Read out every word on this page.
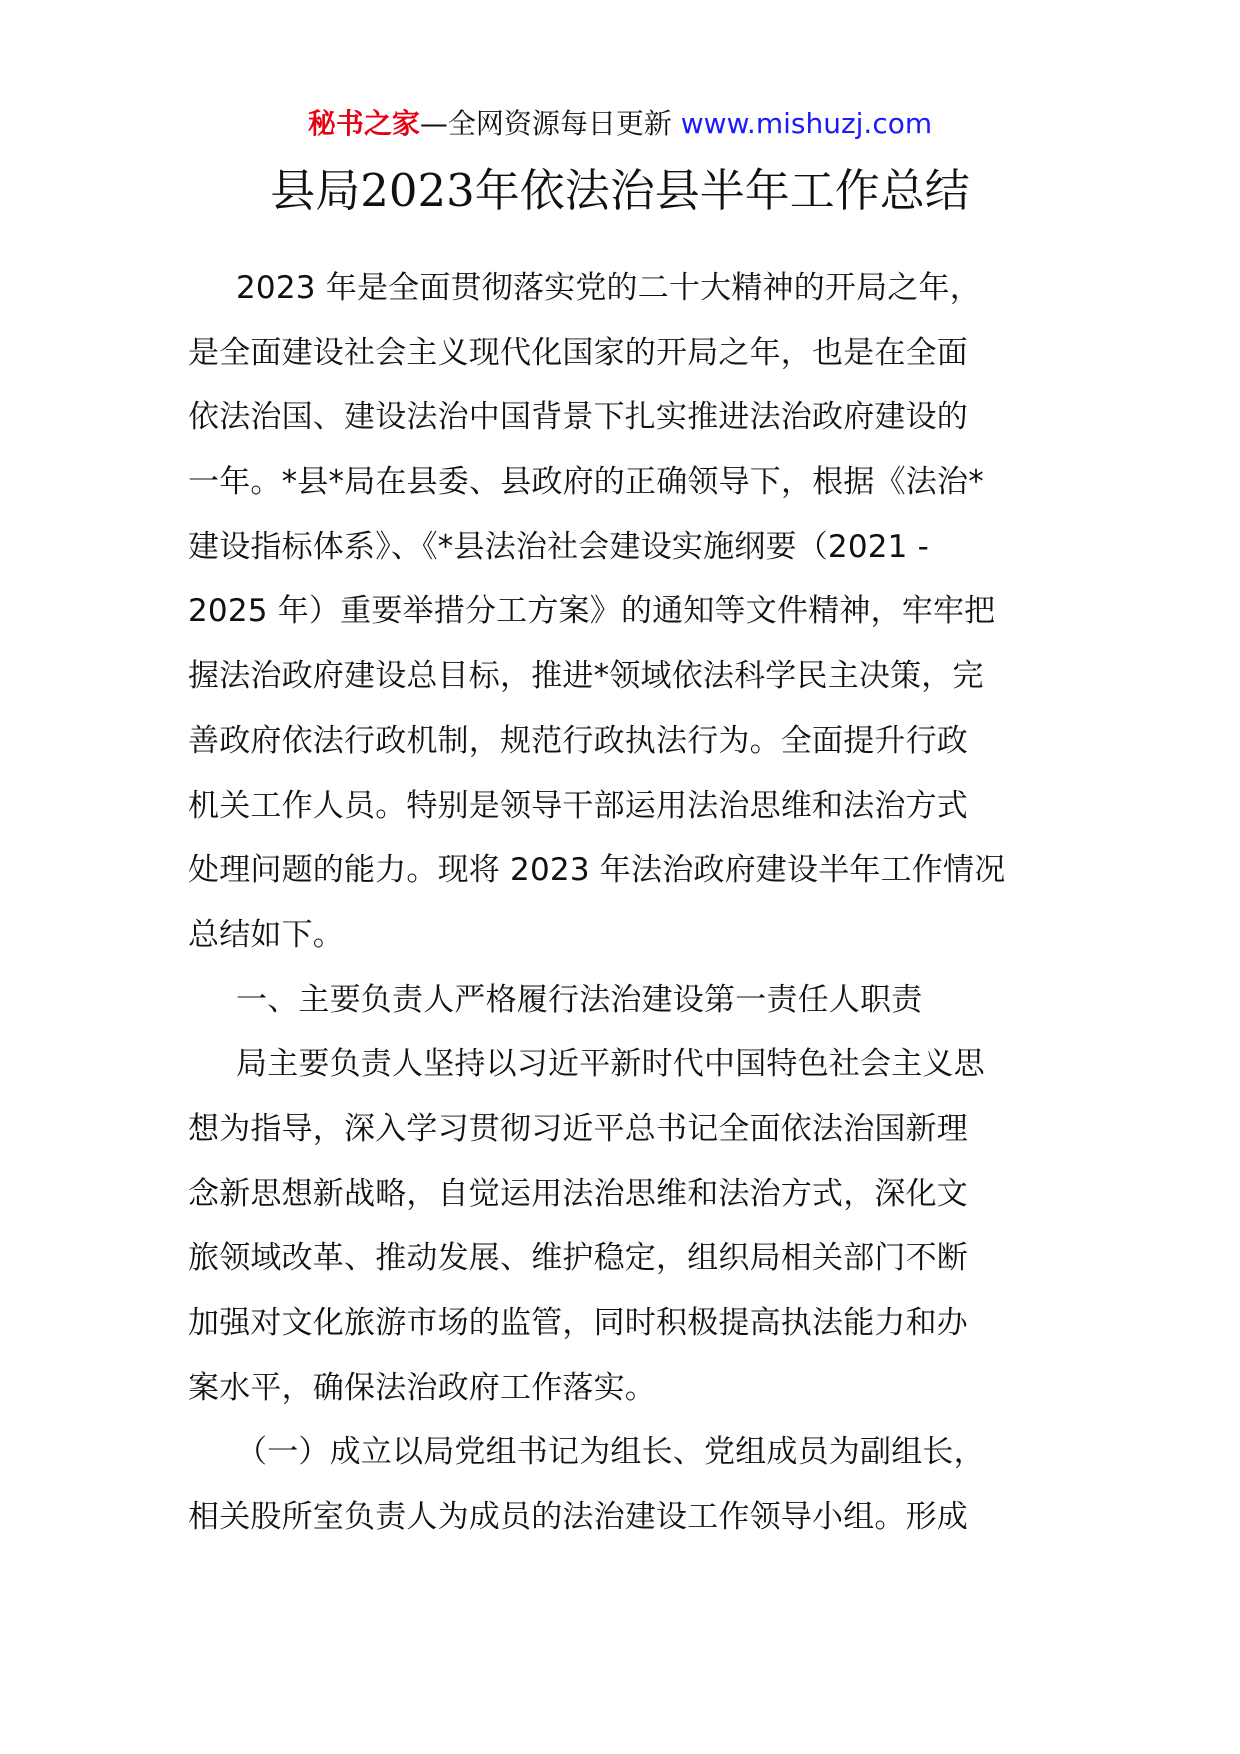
秘书之家—全网资源每日更新 www.mishuzj.com
县局2023年依法治县半年工作总结
2023 年是全面贯彻落实党的二十大精神的开局之年，
是全面建设社会主义现代化国家的开局之年，也是在全面
依法治国、建设法治中国背景下扎实推进法治政府建设的
一年。*县*局在县委、县政府的正确领导下，根据《法治*
建设指标体系》、《*县法治社会建设实施纲要（2021 -
2025 年）重要举措分工方案》的通知等文件精神，牢牢把
握法治政府建设总目标，推进*领域依法科学民主决策，完
善政府依法行政机制，规范行政执法行为。全面提升行政
机关工作人员。特别是领导干部运用法治思维和法治方式
处理问题的能力。现将 2023 年法治政府建设半年工作情况
总结如下。
一、主要负责人严格履行法治建设第一责任人职责
局主要负责人坚持以习近平新时代中国特色社会主义思
想为指导，深入学习贯彻习近平总书记全面依法治国新理
念新思想新战略，自觉运用法治思维和法治方式，深化文
旅领域改革、推动发展、维护稳定，组织局相关部门不断
加强对文化旅游市场的监管，同时积极提高执法能力和办
案水平，确保法治政府工作落实。
（一）成立以局党组书记为组长、党组成员为副组长，
相关股所室负责人为成员的法治建设工作领导小组。形成
